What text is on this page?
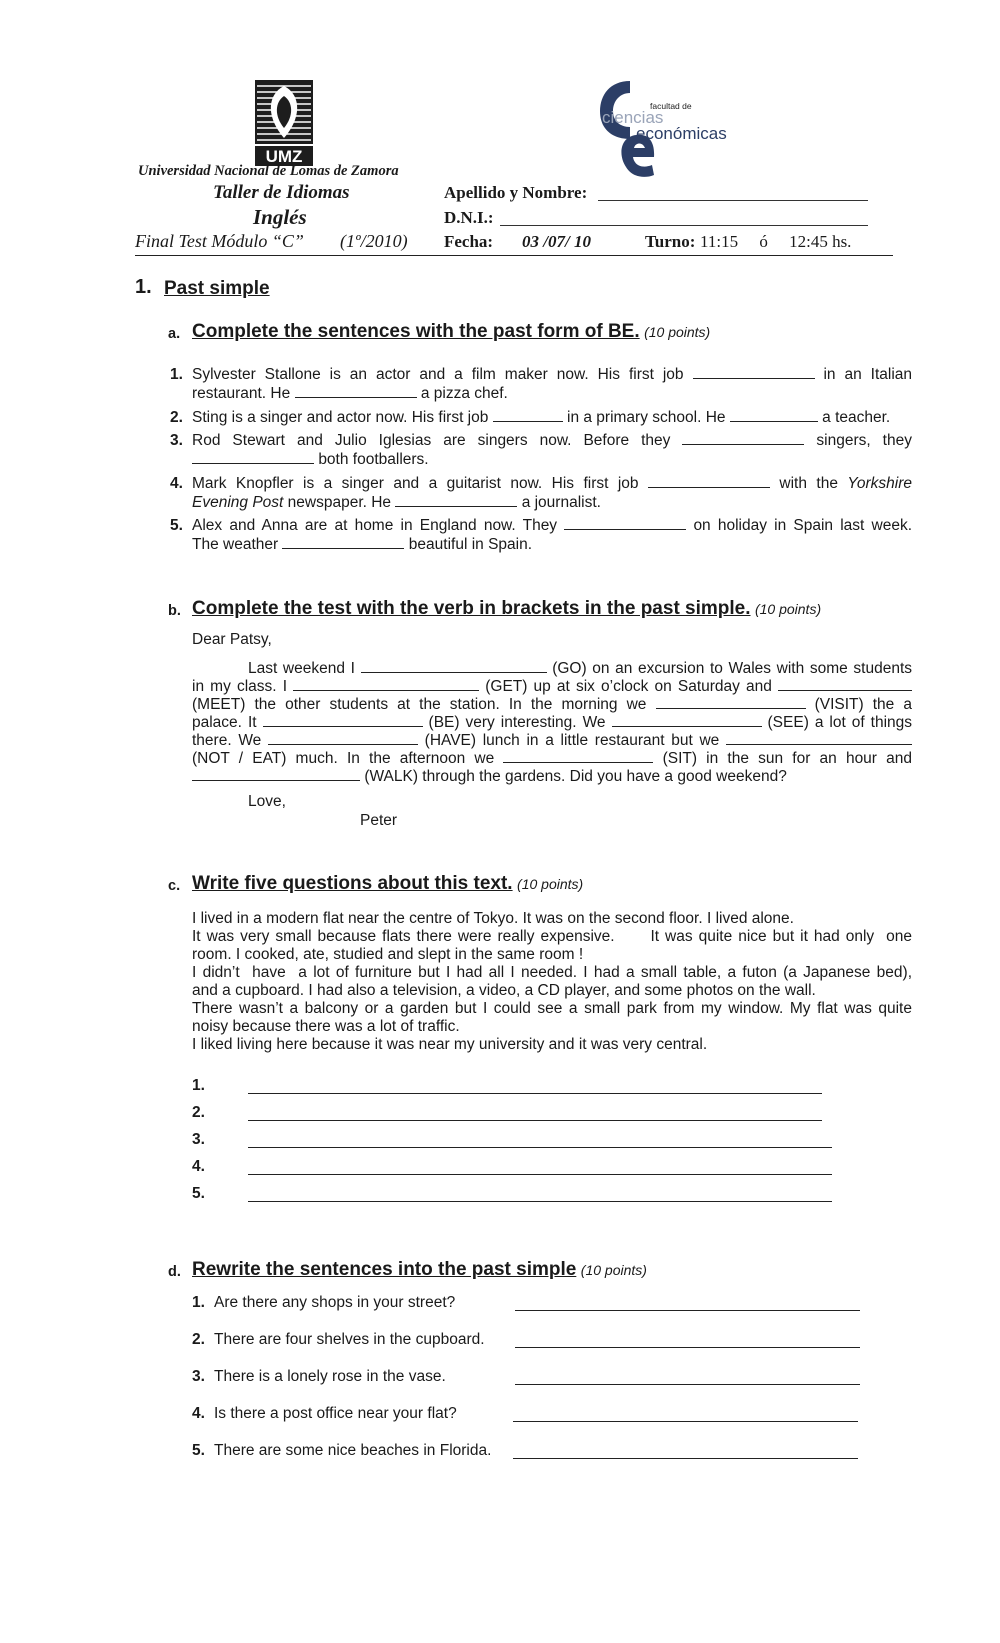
UMZ
Universidad Nacional de Lomas de Zamora
Taller de Idiomas
Inglés
Final Test Módulo “C” (1º/2010)
facultad de
ciencias
económicas
Apellido y Nombre:
D.N.I.:
Fecha: 03 /07/ 10	Turno: 11:15     ó     12:45 hs.
1. Past simple
a. Complete the sentences with the past form of BE. (10 points)
1. Sylvester Stallone is an actor and a film maker now. His first job	in an Italian
restaurant. He	a pizza chef.
2. Sting is a singer and actor now. His first job	in a primary school. He	a teacher.
3. Rod Stewart and Julio Iglesias are singers now. Before they	singers, they
both footballers.
4. Mark Knopfler is a singer and a guitarist now. His first job	with the Yorkshire
Evening Post newspaper. He	a journalist.
5. Alex and Anna are at home in England now. They	on holiday in Spain last week.
The weather	beautiful in Spain.
b. Complete the test with the verb in brackets in the past simple. (10 points)
Dear Patsy,
Last weekend I	(GO) on an excursion to Wales with some students
in my class. I	(GET) up at six o’clock on Saturday and
(MEET) the other students at the station. In the morning we	(VISIT) the a
palace. It	(BE) very interesting. We	(SEE) a lot of things
there. We	(HAVE) lunch in a little restaurant but we
(NOT / EAT) much. In the afternoon we	(SIT) in the sun for an hour and
(WALK) through the gardens. Did you have a good weekend?
Love,
Peter
c. Write five questions about this text. (10 points)
I lived in a modern flat near the centre of Tokyo. It was on the second floor. I lived alone.
It was very small because flats there were really expensive.      It was quite nice but it had only  one
room. I cooked, ate, studied and slept in the same room !
I didn’t  have  a lot of furniture but I had all I needed. I had a small table, a futon (a Japanese bed),
and a cupboard. I had also a television, a video, a CD player, and some photos on the wall.
There wasn’t a balcony or a garden but I could see a small park from my window. My flat was quite
noisy because there was a lot of traffic.
I liked living here because it was near my university and it was very central.
1.
2.
3.
4.
5.
d. Rewrite the sentences into the past simple (10 points)
1. Are there any shops in your street?
2. There are four shelves in the cupboard.
3. There is a lonely rose in the vase.
4. Is there a post office near your flat?
5. There are some nice beaches in Florida.
